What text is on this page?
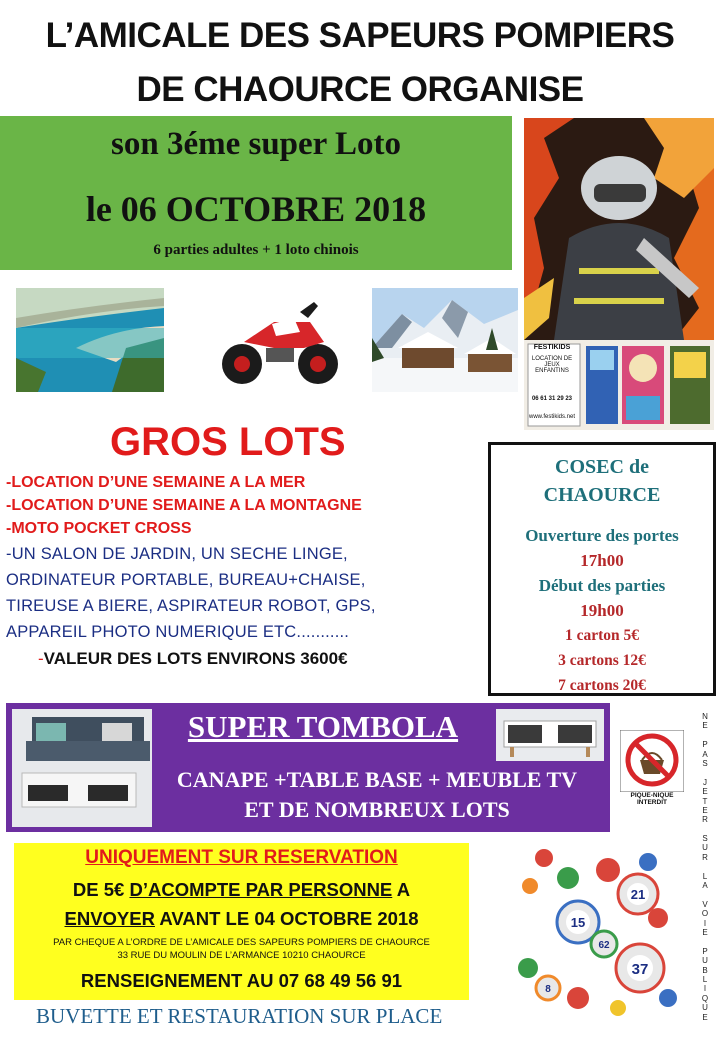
L’AMICALE DES SAPEURS POMPIERS
DE CHAOURCE ORGANISE
son 3éme super Loto
le 06 OCTOBRE 2018
6 parties adultes + 1 loto chinois
FESTIKIDS
LOCATION DE JEUX ENFANTINS
06 61 31 29 23
www.festikids.net
GROS LOTS
-LOCATION D’UNE SEMAINE A LA MER
-LOCATION D’UNE SEMAINE A LA MONTAGNE
-MOTO POCKET CROSS
-UN SALON DE JARDIN, UN SECHE LINGE,
ORDINATEUR PORTABLE, BUREAU+CHAISE,
TIREUSE A BIERE, ASPIRATEUR ROBOT, GPS,
APPAREIL PHOTO NUMERIQUE ETC...........
-VALEUR DES LOTS ENVIRONS 3600€
COSEC de
CHAOURCE
Ouverture des portes
17h00
Début des parties
19h00
1 carton 5€
3 cartons 12€
7 cartons 20€
SUPER TOMBOLA
CANAPE +TABLE BASE + MEUBLE TV
ET DE NOMBREUX LOTS
PIQUE-NIQUE INTERDIT
N
E
P
A
S
J
E
T
E
R
S
U
R
L
A
V
O
I
E
P
U
B
L
I
Q
U
E
UNIQUEMENT SUR RESERVATION
DE 5€ D’ACOMPTE PAR PERSONNE A
ENVOYER AVANT LE 04 OCTOBRE 2018
PAR CHEQUE A L’ORDRE DE L’AMICALE DES SAPEURS POMPIERS DE CHAOURCE
33 RUE DU MOULIN DE L’ARMANCE 10210 CHAOURCE
RENSEIGNEMENT AU 07 68 49 56 91
15
21
37
62
8
BUVETTE ET RESTAURATION SUR PLACE
